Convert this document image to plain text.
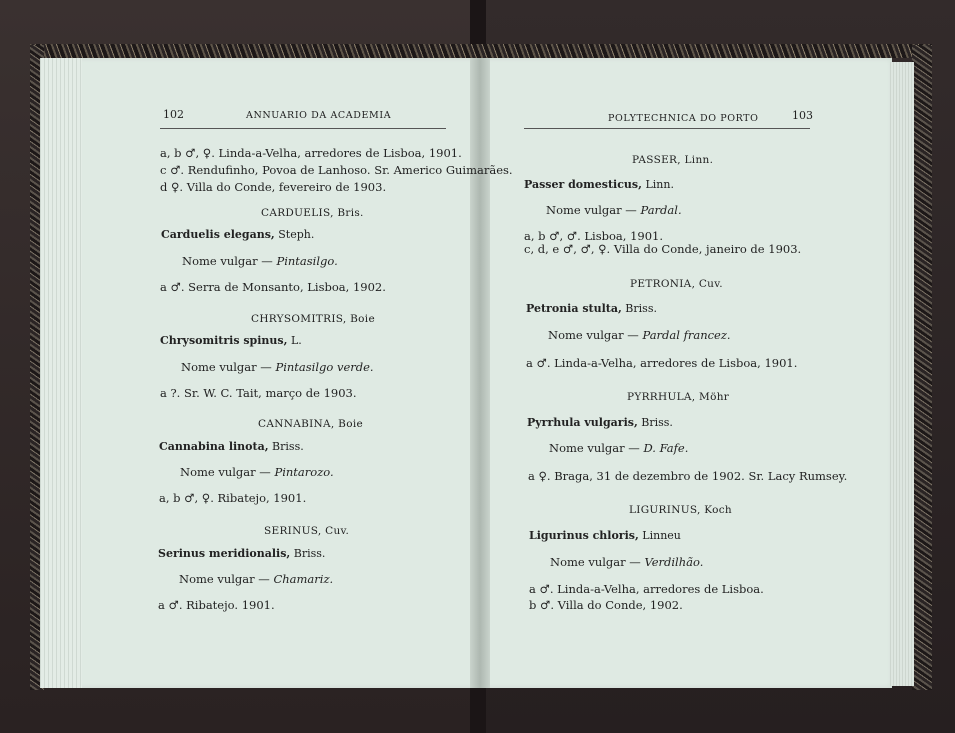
102	ANNUARIO DA ACADEMIA
a, b ♂, ♀. Linda-a-Velha, arredores de Lisboa, 1901.
c ♂. Rendufinho, Povoa de Lanhoso. Sr. Americo Guimarães.
d ♀. Villa do Conde, fevereiro de 1903.
CARDUELIS, Bris.
Carduelis elegans, Steph.
Nome vulgar — Pintasilgo.
a ♂. Serra de Monsanto, Lisboa, 1902.
CHRYSOMITRIS, Boie
Chrysomitris spinus, L.
Nome vulgar — Pintasilgo verde.
a ?. Sr. W. C. Tait, março de 1903.
CANNABINA, Boie
Cannabina linota, Briss.
Nome vulgar — Pintarozo.
a, b ♂, ♀. Ribatejo, 1901.
SERINUS, Cuv.
Serinus meridionalis, Briss.
Nome vulgar — Chamariz.
a ♂. Ribatejo. 1901.
POLYTECHNICA DO PORTO	103
PASSER, Linn.
Passer domesticus, Linn.
Nome vulgar — Pardal.
a, b ♂, ♂. Lisboa, 1901.
c, d, e ♂, ♂, ♀. Villa do Conde, janeiro de 1903.
PETRONIA, Cuv.
Petronia stulta, Briss.
Nome vulgar — Pardal francez.
a ♂. Linda-a-Velha, arredores de Lisboa, 1901.
PYRRHULA, Möhr
Pyrrhula vulgaris, Briss.
Nome vulgar — D. Fafe.
a ♀. Braga, 31 de dezembro de 1902. Sr. Lacy Rumsey.
LIGURINUS, Koch
Ligurinus chloris, Linneu
Nome vulgar — Verdilhão.
a ♂. Linda-a-Velha, arredores de Lisboa.
b ♂. Villa do Conde, 1902.
